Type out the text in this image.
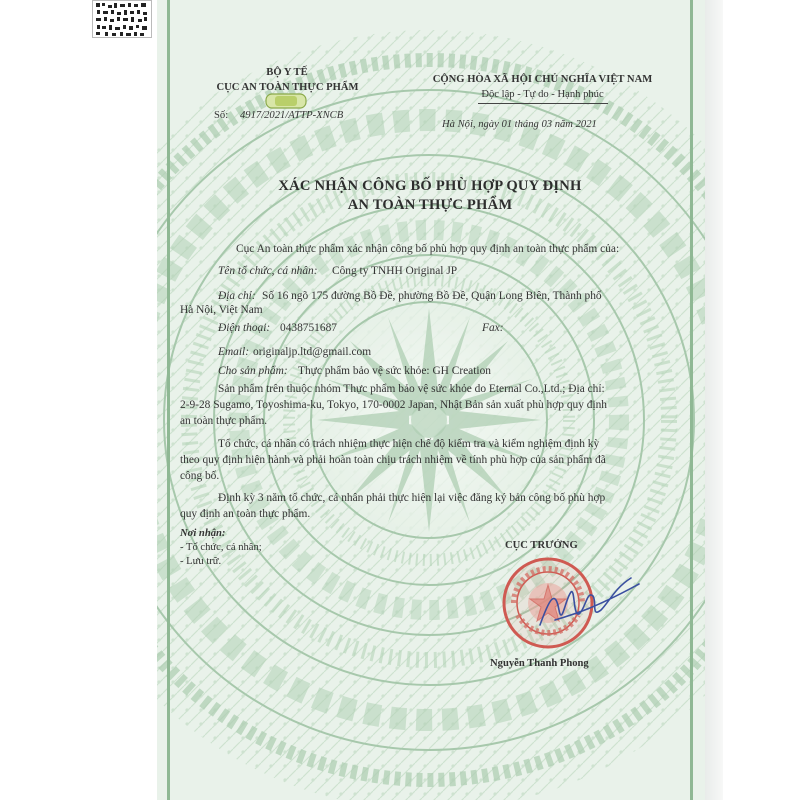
BỘ Y TẾ
CỤC AN TOÀN THỰC PHẨM
Số: 4917/2021/ATTP-XNCB
CỘNG HÒA XÃ HỘI CHỦ NGHĨA VIỆT NAM
Độc lập - Tự do - Hạnh phúc
Hà Nội, ngày 01 tháng 03 năm 2021
XÁC NHẬN CÔNG BỐ PHÙ HỢP QUY ĐỊNH
AN TOÀN THỰC PHẨM
Cục An toàn thực phẩm xác nhận công bố phù hợp quy định an toàn thực phẩm của:
Tên tổ chức, cá nhân: Công ty TNHH Original JP
Địa chỉ: Số 16 ngõ 175 đường Bồ Đề, phường Bồ Đề, Quận Long Biên, Thành phố
Hà Nội, Việt Nam
Điện thoại: 0438751687	Fax:
Email: originaljp.ltd@gmail.com
Cho sản phẩm: Thực phẩm bảo vệ sức khỏe: GH Creation
Sản phẩm trên thuộc nhóm Thực phẩm bảo vệ sức khỏe do Eternal Co.,Ltd.; Địa chỉ:
2-9-28 Sugamo, Toyoshima-ku, Tokyo, 170-0002 Japan, Nhật Bản sản xuất phù hợp quy định
an toàn thực phẩm.
Tổ chức, cá nhân có trách nhiệm thực hiện chế độ kiểm tra và kiểm nghiệm định kỳ
theo quy định hiện hành và phải hoàn toàn chịu trách nhiệm về tính phù hợp của sản phẩm đã
công bố.
Định kỳ 3 năm tổ chức, cá nhân phải thực hiện lại việc đăng ký bản công bố phù hợp
quy định an toàn thực phẩm.
Nơi nhận:
- Tổ chức, cá nhân;
- Lưu trữ.
CỤC TRƯỞNG
Nguyễn Thanh Phong
